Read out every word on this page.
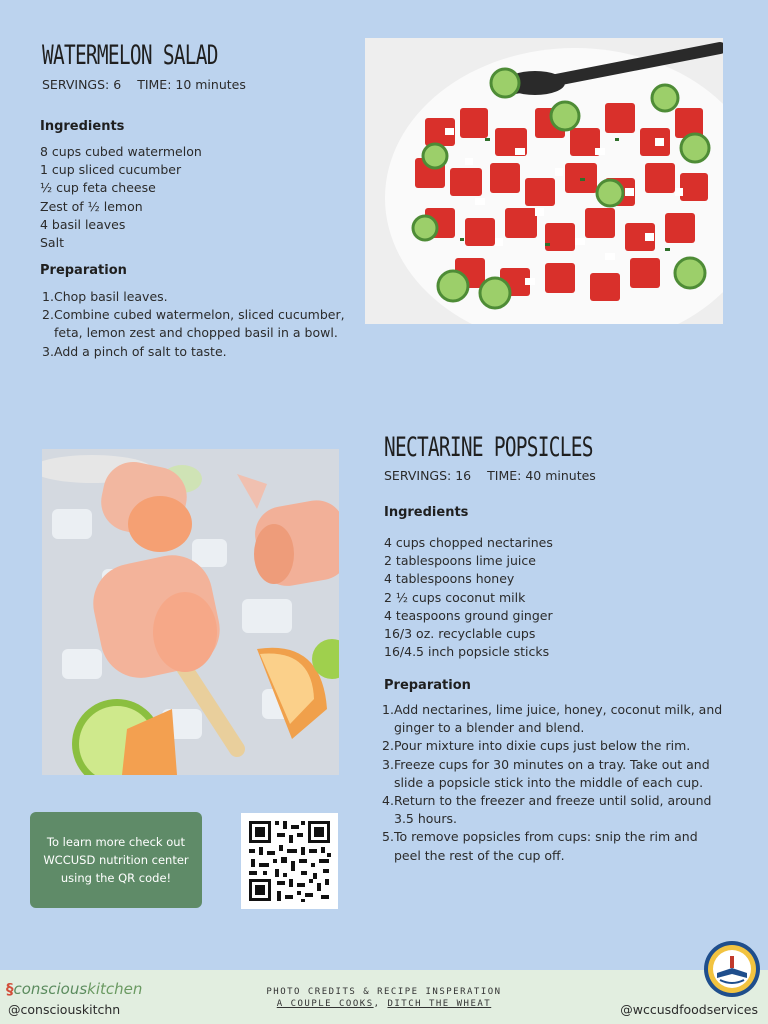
WATERMELON SALAD
SERVINGS: 6 TIME: 10 minutes
Ingredients
8 cups cubed watermelon
1 cup sliced cucumber
½ cup feta cheese
Zest of ½ lemon
4 basil leaves
Salt
Preparation
1. Chop basil leaves.
2. Combine cubed watermelon, sliced cucumber,
feta, lemon zest and chopped basil in a bowl.
3. Add a pinch of salt to taste.
NECTARINE POPSICLES
SERVINGS: 16 TIME: 40 minutes
Ingredients
4 cups chopped nectarines
2 tablespoons lime juice
4 tablespoons honey
2 ½ cups coconut milk
4 teaspoons ground ginger
16/3 oz. recyclable cups
16/4.5 inch popsicle sticks
Preparation
1. Add nectarines, lime juice, honey, coconut milk, and
ginger to a blender and blend.
2. Pour mixture into dixie cups just below the rim.
3. Freeze cups for 30 minutes on a tray. Take out and
slide a popsicle stick into the middle of each cup.
4. Return to the freezer and freeze until solid, around
3.5 hours.
5. To remove popsicles from cups: snip the rim and
peel the rest of the cup off.
To learn more check out
WCCUSD nutrition center
using the QR code!
§consciouskitchen
@consciouskitchn
PHOTO CREDITS & RECIPE INSPERATION
A COUPLE COOKS, DITCH THE WHEAT	@wccusdfoodservices
